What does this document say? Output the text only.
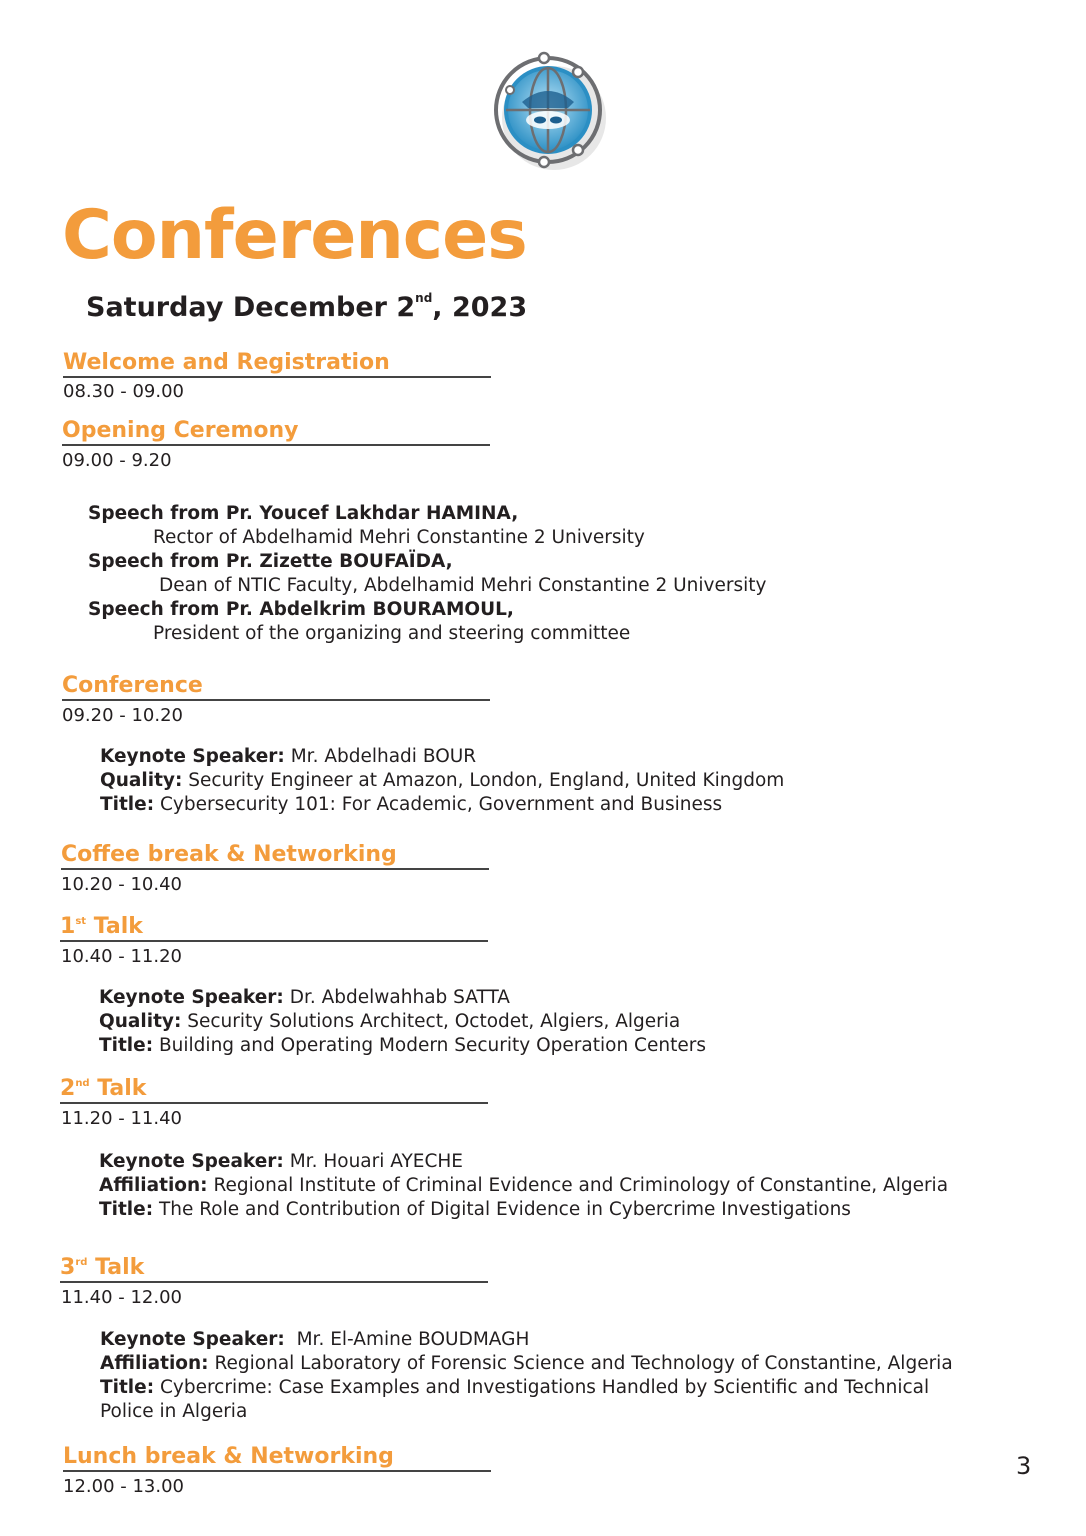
Conferences
Saturday December 2nd, 2023
Welcome and Registration
08.30 - 09.00
Opening Ceremony
09.00 - 9.20
Speech from Pr. Youcef Lakhdar HAMINA,
Rector of Abdelhamid Mehri Constantine 2 University
Speech from Pr. Zizette BOUFAÏDA,
Dean of NTIC Faculty, Abdelhamid Mehri Constantine 2 University
Speech from Pr. Abdelkrim BOURAMOUL,
President of the organizing and steering committee
Conference
09.20 - 10.20
Keynote Speaker: Mr. Abdelhadi BOUR
Quality: Security Engineer at Amazon, London, England, United Kingdom
Title: Cybersecurity 101: For Academic, Government and Business
Coffee break & Networking
10.20 - 10.40
1st Talk
10.40 - 11.20
Keynote Speaker: Dr. Abdelwahhab SATTA
Quality: Security Solutions Architect, Octodet, Algiers, Algeria
Title: Building and Operating Modern Security Operation Centers
2nd Talk
11.20 - 11.40
Keynote Speaker: Mr. Houari AYECHE
Affiliation: Regional Institute of Criminal Evidence and Criminology of Constantine, Algeria
Title: The Role and Contribution of Digital Evidence in Cybercrime Investigations
3rd Talk
11.40 - 12.00
Keynote Speaker: Mr. El-Amine BOUDMAGH
Affiliation: Regional Laboratory of Forensic Science and Technology of Constantine, Algeria
Title: Cybercrime: Case Examples and Investigations Handled by Scientific and Technical
Police in Algeria
Lunch break & Networking
12.00 - 13.00
3
